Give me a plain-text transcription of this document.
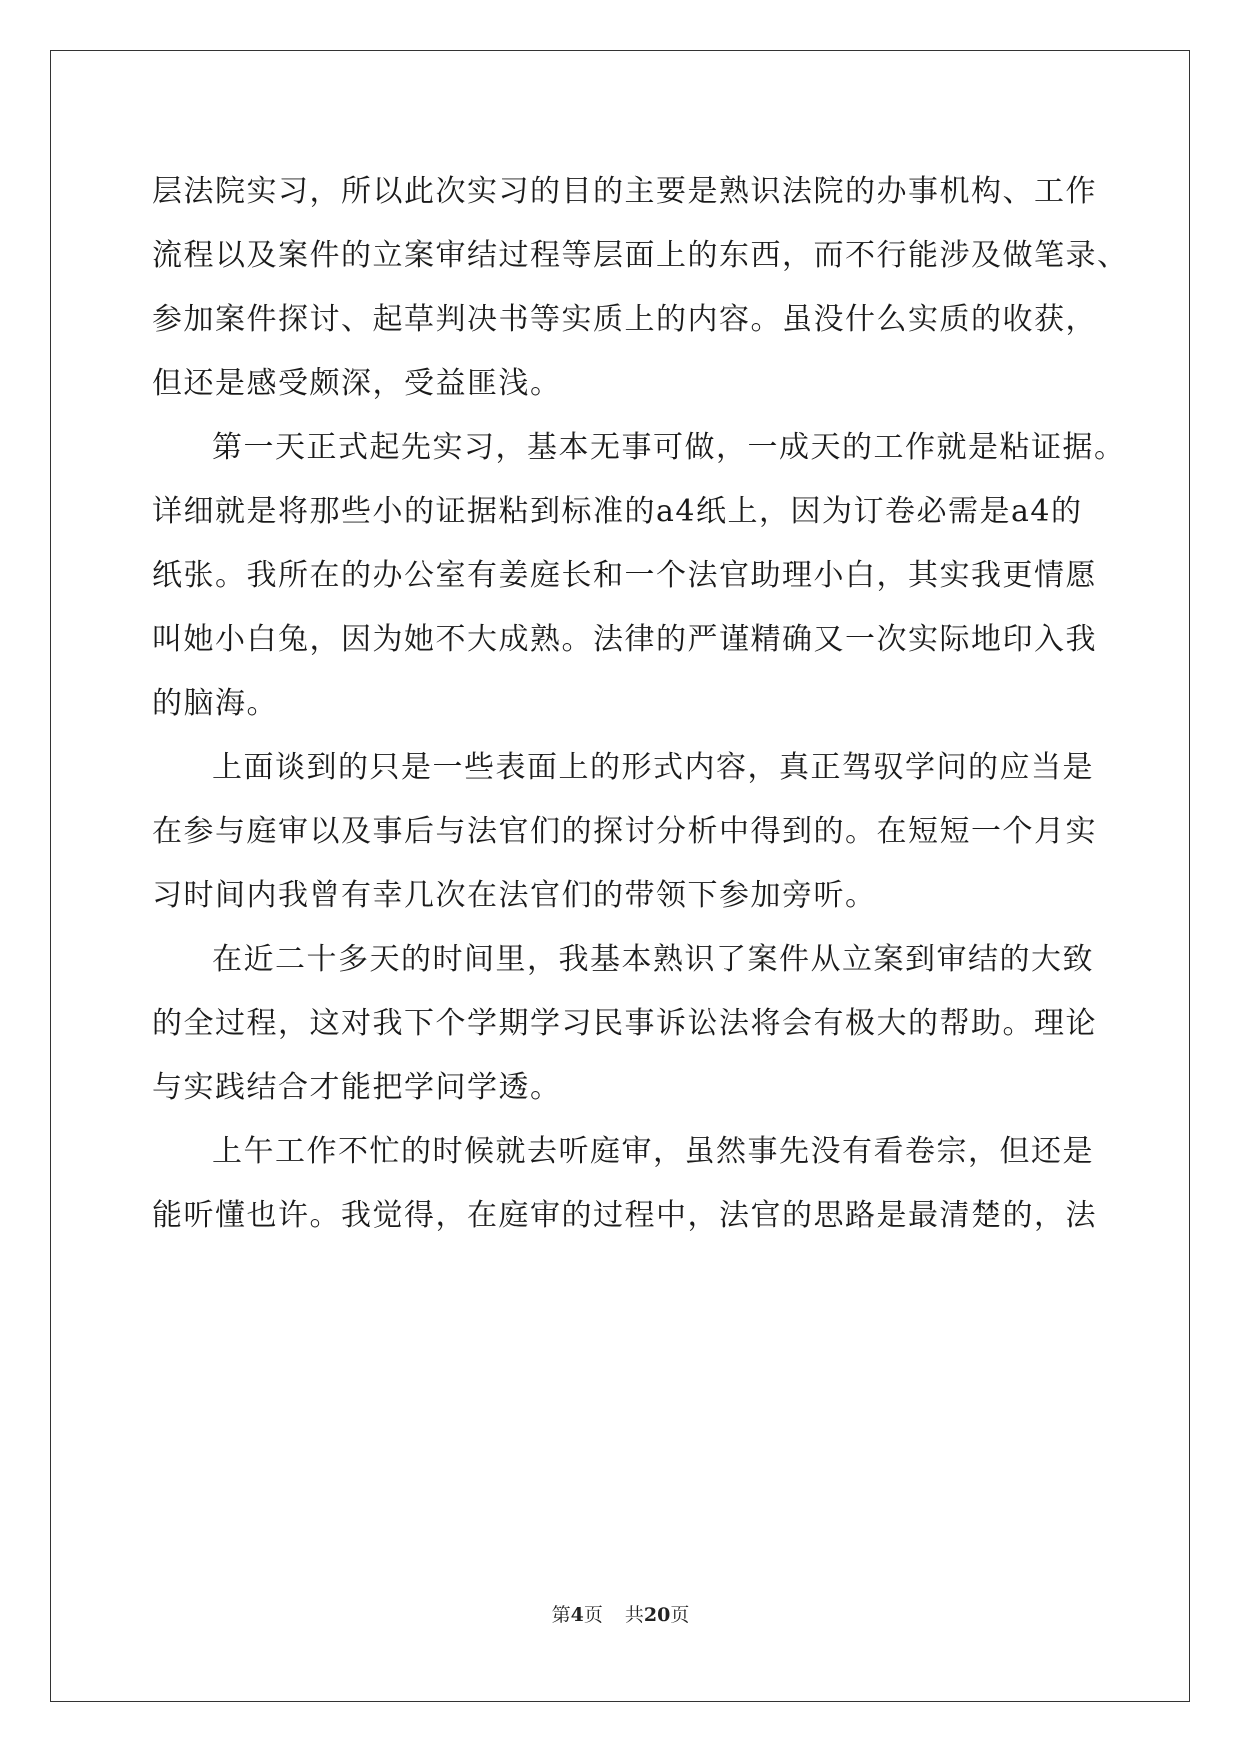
层法院实习，所以此次实习的目的主要是熟识法院的办事机构、工作
流程以及案件的立案审结过程等层面上的东西，而不行能涉及做笔录、
参加案件探讨、起草判决书等实质上的内容。虽没什么实质的收获，
但还是感受颇深，受益匪浅。
第一天正式起先实习，基本无事可做，一成天的工作就是粘证据。
详细就是将那些小的证据粘到标准的a4纸上，因为订卷必需是a4的
纸张。我所在的办公室有姜庭长和一个法官助理小白，其实我更情愿
叫她小白兔，因为她不大成熟。法律的严谨精确又一次实际地印入我
的脑海。
上面谈到的只是一些表面上的形式内容，真正驾驭学问的应当是
在参与庭审以及事后与法官们的探讨分析中得到的。在短短一个月实
习时间内我曾有幸几次在法官们的带领下参加旁听。
在近二十多天的时间里，我基本熟识了案件从立案到审结的大致
的全过程，这对我下个学期学习民事诉讼法将会有极大的帮助。理论
与实践结合才能把学问学透。
上午工作不忙的时候就去听庭审，虽然事先没有看卷宗，但还是
能听懂也许。我觉得，在庭审的过程中，法官的思路是最清楚的，法
第4页 共20页
